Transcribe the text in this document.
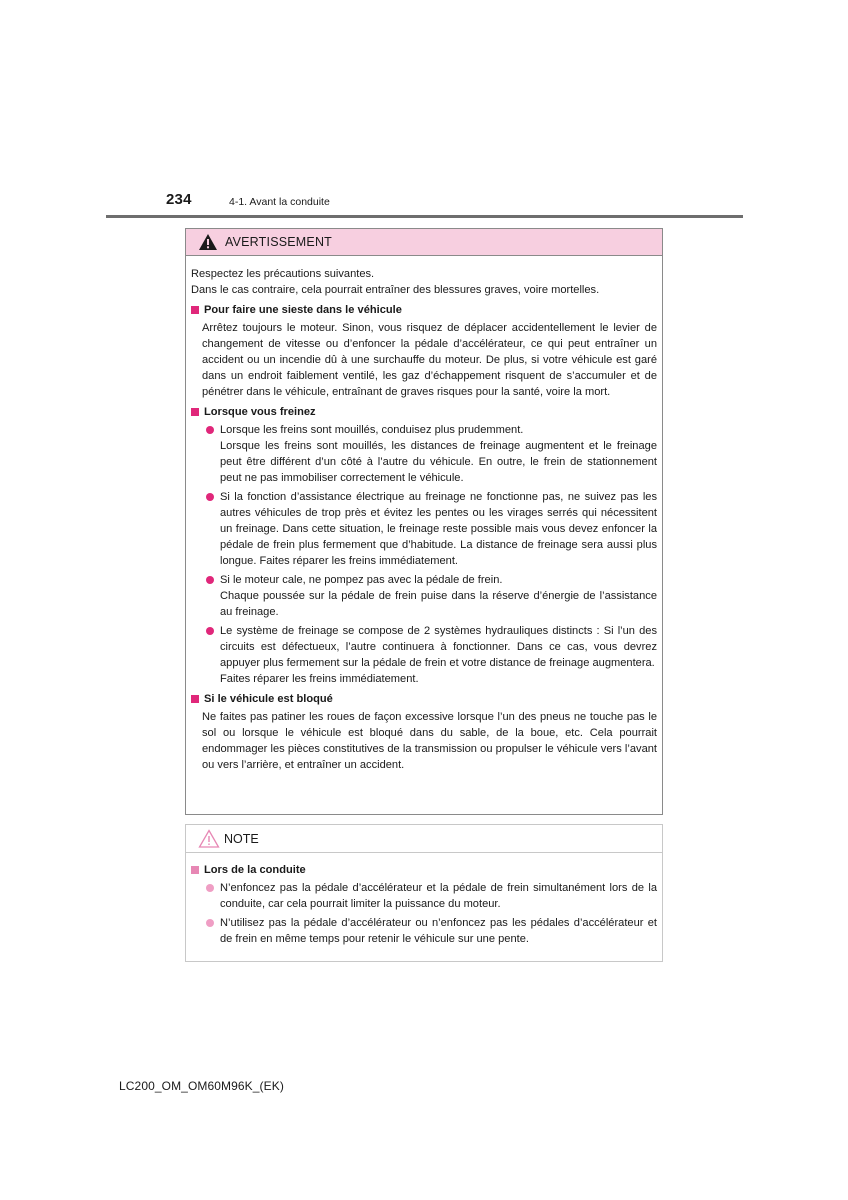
234	4-1. Avant la conduite
AVERTISSEMENT

Respectez les précautions suivantes.

Dans le cas contraire, cela pourrait entraîner des blessures graves, voire mortelles.

Pour faire une sieste dans le véhicule
Arrêtez toujours le moteur. Sinon, vous risquez de déplacer accidentellement le levier de changement de vitesse ou d’enfoncer la pédale d’accélérateur, ce qui peut entraîner un accident ou un incendie dû à une surchauffe du moteur. De plus, si votre véhicule est garé dans un endroit faiblement ventilé, les gaz d’échappement risquent de s’accumuler et de pénétrer dans le véhicule, entraînant de graves risques pour la santé, voire la mort.
Lorsque vous freinez

Lorsque les freins sont mouillés, conduisez plus prudemment.

Lorsque les freins sont mouillés, les distances de freinage augmentent et le freinage peut être différent d’un côté à l’autre du véhicule. En outre, le frein de stationnement peut ne pas immobiliser correctement le véhicule.

Si la fonction d’assistance électrique au freinage ne fonctionne pas, ne suivez pas les autres véhicules de trop près et évitez les pentes ou les virages serrés qui nécessitent un freinage. Dans cette situation, le freinage reste possible mais vous devez enfoncer la pédale de frein plus fermement que d’habitude. La distance de freinage sera aussi plus longue. Faites réparer les freins immédiatement.

Si le moteur cale, ne pompez pas avec la pédale de frein.

Chaque poussée sur la pédale de frein puise dans la réserve d’énergie de l’assistance au freinage.

Le système de freinage se compose de 2 systèmes hydrauliques distincts : Si l’un des circuits est défectueux, l’autre continuera à fonctionner. Dans ce cas, vous devrez appuyer plus fermement sur la pédale de frein et votre distance de freinage augmentera.

Faites réparer les freins immédiatement.

Si le véhicule est bloqué
Ne faites pas patiner les roues de façon excessive lorsque l’un des pneus ne touche pas le sol ou lorsque le véhicule est bloqué dans du sable, de la boue, etc. Cela pourrait endommager les pièces constitutives de la transmission ou propulser le véhicule vers l’avant ou vers l’arrière, et entraîner un accident.
NOTE
Lors de la conduite

N’enfoncez pas la pédale d’accélérateur et la pédale de frein simultanément lors de la conduite, car cela pourrait limiter la puissance du moteur.

N’utilisez pas la pédale d’accélérateur ou n’enfoncez pas les pédales d’accélérateur et de frein en même temps pour retenir le véhicule sur une pente.

LC200_OM_OM60M96K_(EK)
